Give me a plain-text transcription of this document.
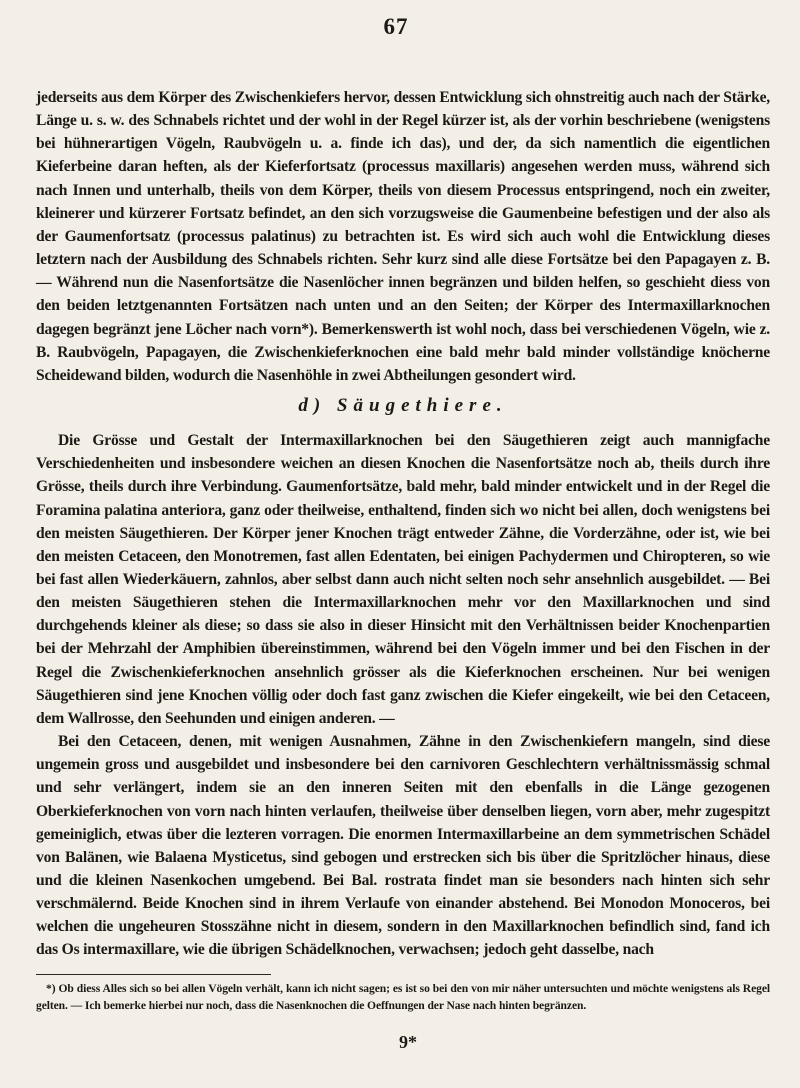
67

jederseits aus dem Körper des Zwischenkiefers hervor, dessen Entwicklung sich ohnstreitig auch nach der Stärke, Länge u. s. w. des Schnabels richtet und der wohl in der Regel kürzer ist, als der vorhin beschriebene (wenigstens bei hühnerartigen Vögeln, Raubvögeln u. a. finde ich das), und der, da sich namentlich die eigentlichen Kieferbeine daran heften, als der Kieferfortsatz (processus maxillaris) angesehen werden muss, während sich nach Innen und unterhalb, theils von dem Körper, theils von diesem Processus entspringend, noch ein zweiter, kleinerer und kürzerer Fortsatz befindet, an den sich vorzugsweise die Gaumenbeine befestigen und der also als der Gaumenfortsatz (processus palatinus) zu betrachten ist. Es wird sich auch wohl die Entwicklung dieses letztern nach der Ausbildung des Schnabels richten. Sehr kurz sind alle diese Fortsätze bei den Papagayen z. B. — Während nun die Nasenfortsätze die Nasenlöcher innen begränzen und bilden helfen, so geschieht diess von den beiden letztgenannten Fortsätzen nach unten und an den Seiten; der Körper des Intermaxillarknochen dagegen begränzt jene Löcher nach vorn*). Bemerkenswerth ist wohl noch, dass bei verschiedenen Vögeln, wie z. B. Raubvögeln, Papagayen, die Zwischenkieferknochen eine bald mehr bald minder vollständige knöcherne Scheidewand bilden, wodurch die Nasenhöhle in zwei Abtheilungen gesondert wird.

d) Säugethiere.

Die Grösse und Gestalt der Intermaxillarknochen bei den Säugethieren zeigt auch mannigfache Verschiedenheiten und insbesondere weichen an diesen Knochen die Nasenfortsätze noch ab, theils durch ihre Grösse, theils durch ihre Verbindung. Gaumenfortsätze, bald mehr, bald minder entwickelt und in der Regel die Foramina palatina anteriora, ganz oder theilweise, enthaltend, finden sich wo nicht bei allen, doch wenigstens bei den meisten Säugethieren. Der Körper jener Knochen trägt entweder Zähne, die Vorderzähne, oder ist, wie bei den meisten Cetaceen, den Monotremen, fast allen Edentaten, bei einigen Pachydermen und Chiropteren, so wie bei fast allen Wiederkäuern, zahnlos, aber selbst dann auch nicht selten noch sehr ansehnlich ausgebildet. — Bei den meisten Säugethieren stehen die Intermaxillarknochen mehr vor den Maxillarknochen und sind durchgehends kleiner als diese; so dass sie also in dieser Hinsicht mit den Verhältnissen beider Knochenpartien bei der Mehrzahl der Amphibien übereinstimmen, während bei den Vögeln immer und bei den Fischen in der Regel die Zwischenkieferknochen ansehnlich grösser als die Kieferknochen erscheinen. Nur bei wenigen Säugethieren sind jene Knochen völlig oder doch fast ganz zwischen die Kiefer eingekeilt, wie bei den Cetaceen, dem Wallrosse, den Seehunden und einigen anderen. —

Bei den Cetaceen, denen, mit wenigen Ausnahmen, Zähne in den Zwischenkiefern mangeln, sind diese ungemein gross und ausgebildet und insbesondere bei den carnivoren Geschlechtern verhältnissmässig schmal und sehr verlängert, indem sie an den inneren Seiten mit den ebenfalls in die Länge gezogenen Oberkieferknochen von vorn nach hinten verlaufen, theilweise über denselben liegen, vorn aber, mehr zugespitzt gemeiniglich, etwas über die lezteren vorragen. Die enormen Intermaxillarbeine an dem symmetrischen Schädel von Balänen, wie Balaena Mysticetus, sind gebogen und erstrecken sich bis über die Spritzlöcher hinaus, diese und die kleinen Nasenkochen umgebend. Bei Bal. rostrata findet man sie besonders nach hinten sich sehr verschmälernd. Beide Knochen sind in ihrem Verlaufe von einander abstehend. Bei Monodon Monoceros, bei welchen die ungeheuren Stosszähne nicht in diesem, sondern in den Maxillarknochen befindlich sind, fand ich das Os intermaxillare, wie die übrigen Schädelknochen, verwachsen; jedoch geht dasselbe, nach

*) Ob diess Alles sich so bei allen Vögeln verhält, kann ich nicht sagen; es ist so bei den von mir näher untersuchten und möchte wenigstens als Regel gelten. — Ich bemerke hierbei nur noch, dass die Nasenknochen die Oeffnungen der Nase nach hinten begränzen.
9*
